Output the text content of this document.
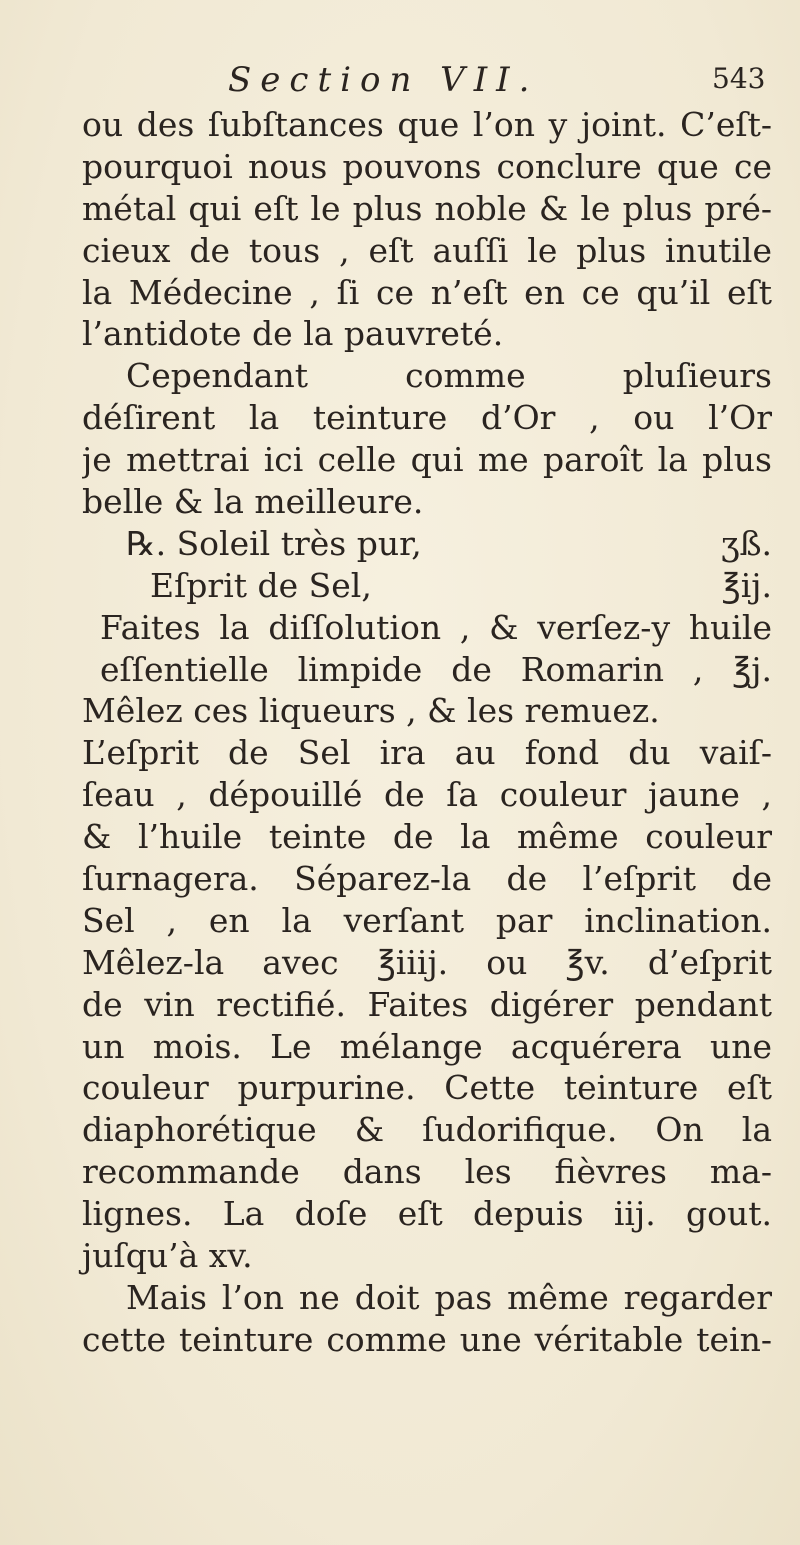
Section VII.	543
ou des ſubſtances que l’on y joint. C’eſt-
pourquoi nous pouvons conclure que ce
métal qui eſt le plus noble & le plus pré-
cieux de tous , eſt auſſi le plus inutile
la Médecine , ſi ce n’eſt en ce qu’il eſt
l’antidote de la pauvreté.
Cependant comme pluſieurs
déſirent la teinture d’Or , ou l’Or
je mettrai ici celle qui me paroît la plus
belle & la meilleure.
℞. Soleil très pur,	ʒß.
Eſprit de Sel,	℥ij.
Faites la diſſolution , & verſez-y huile
eſſentielle limpide de Romarin , ℥j.
Mêlez ces liqueurs , & les remuez.
L’eſprit de Sel ira au fond du vaiſ-
ſeau , dépouillé de ſa couleur jaune ,
& l’huile teinte de la même couleur
ſurnagera. Séparez-la de l’eſprit de
Sel , en la verſant par inclination.
Mêlez-la avec ℥iiij. ou ℥v. d’eſprit
de vin rectifié. Faites digérer pendant
un mois. Le mélange acquérera une
couleur purpurine. Cette teinture eſt
diaphorétique & ſudorifique. On la
recommande dans les fièvres ma-
lignes. La doſe eſt depuis iij. gout.
juſqu’à xv.
Mais l’on ne doit pas même regarder
cette teinture comme une véritable tein-
